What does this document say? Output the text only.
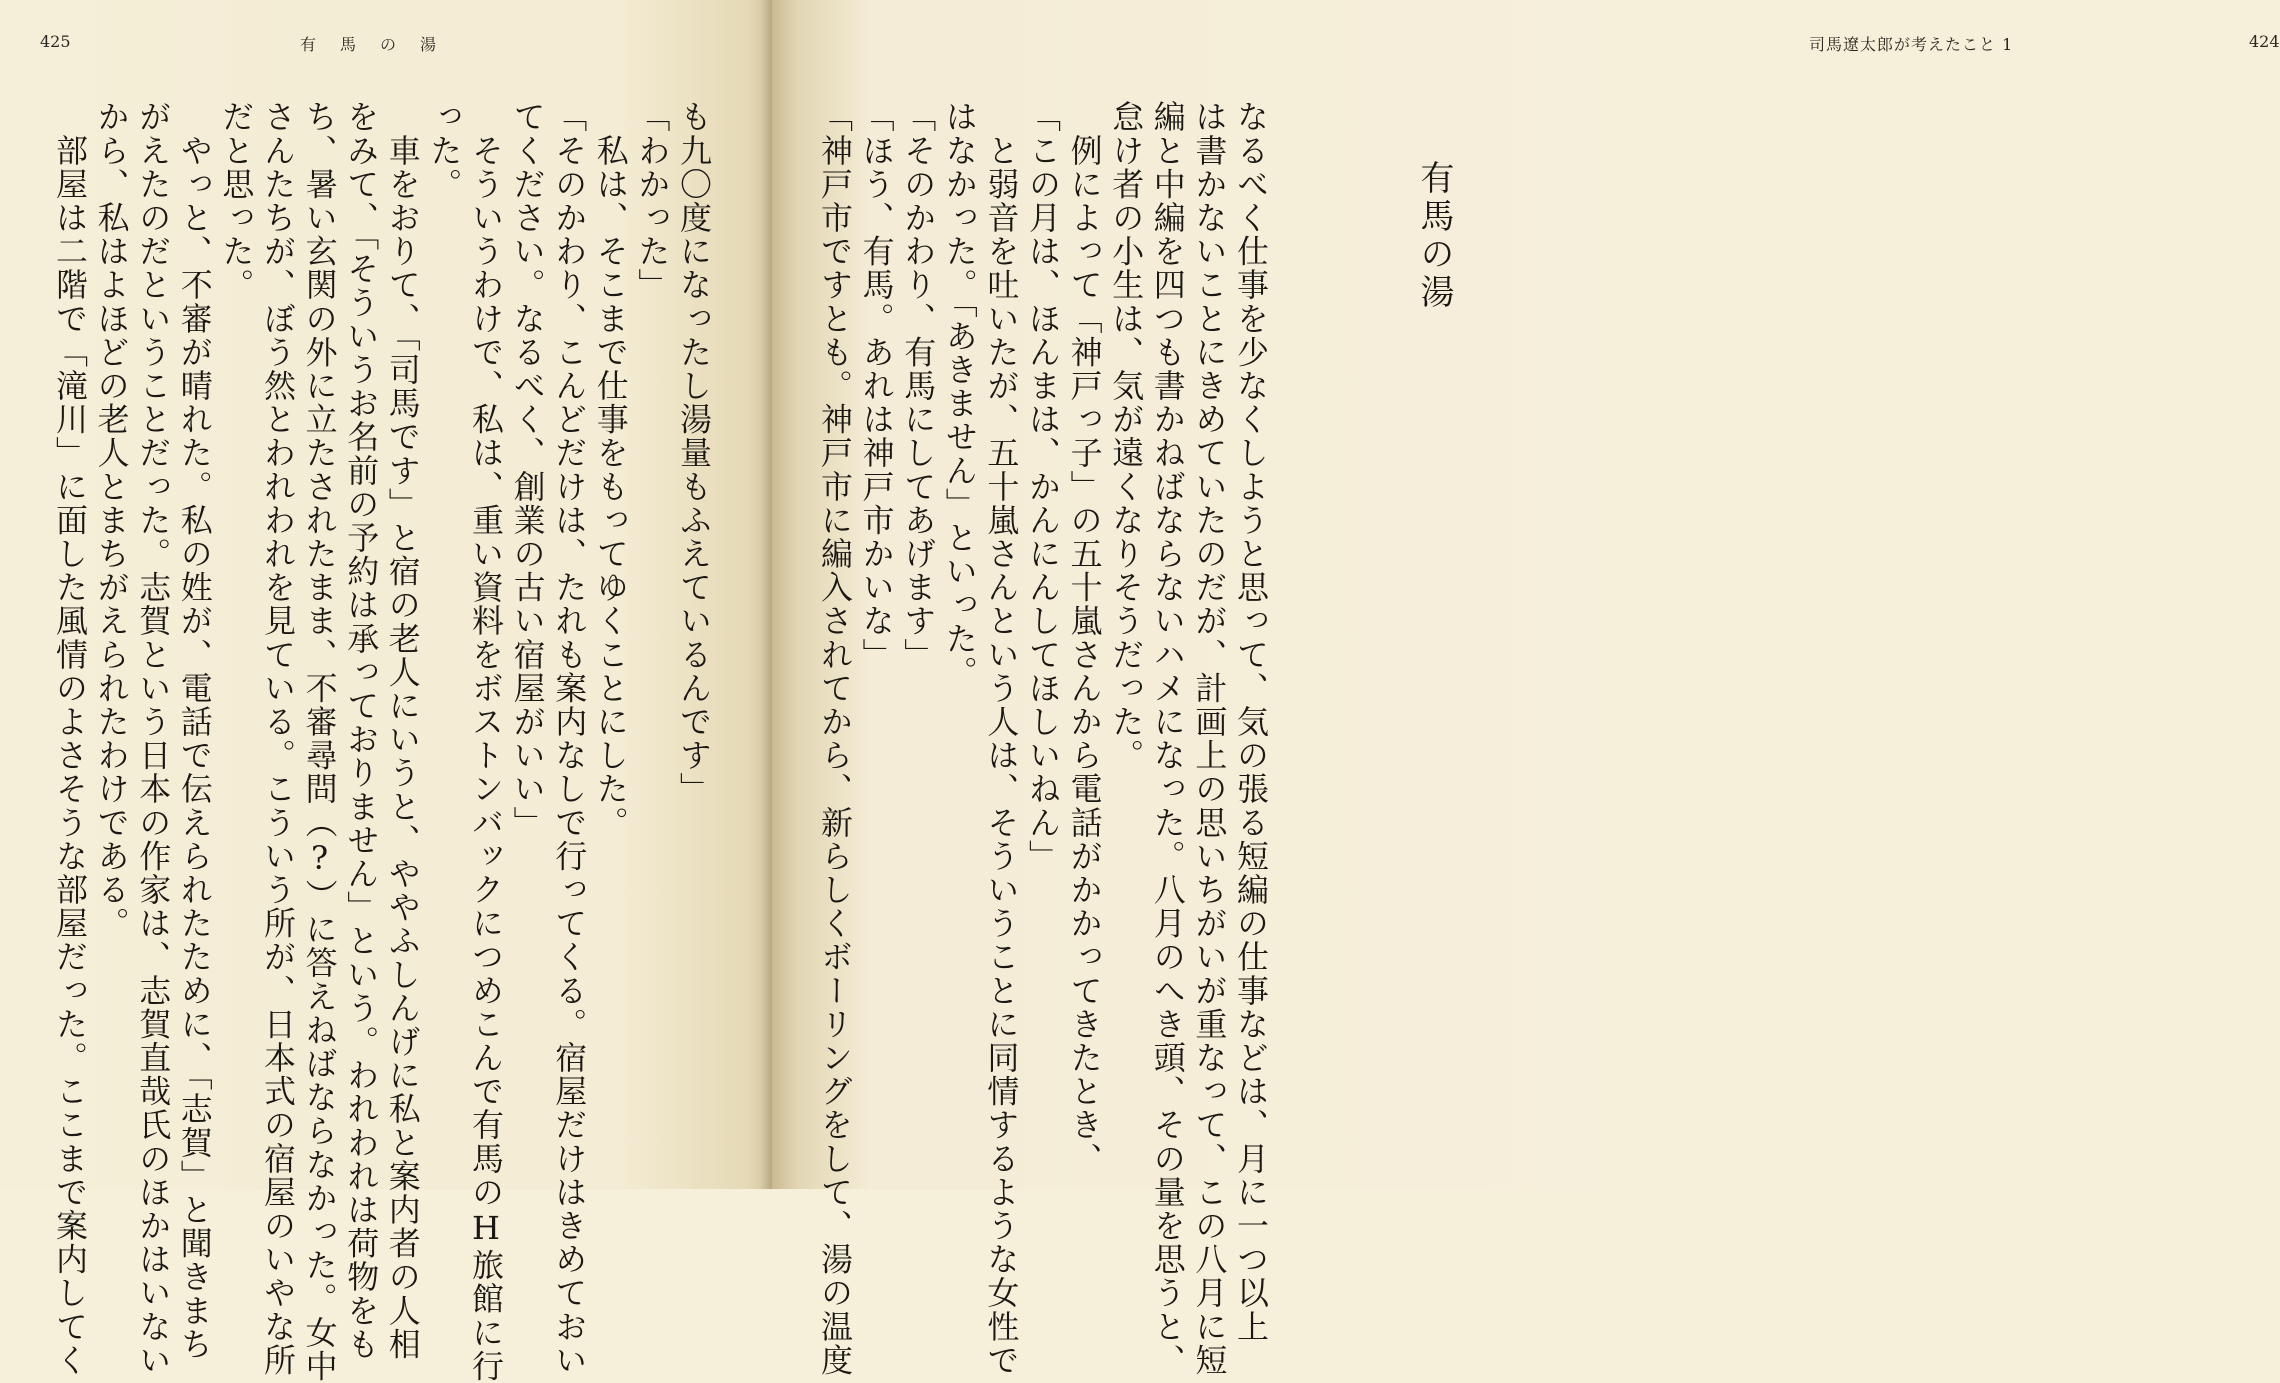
425	有馬の湯	424
司馬遼太郎が考えたこと 1
有馬の湯
なるべく仕事を少なくしようと思って、気の張る短編の仕事などは、月に一つ以上
は書かないことにきめていたのだが、計画上の思いちがいが重なって、この八月に短
編と中編を四つも書かねばならないハメになった。八月のへき頭、その量を思うと、
怠け者の小生は、気が遠くなりそうだった。
　例によって「神戸っ子」の五十嵐さんから電話がかかってきたとき、
「この月は、ほんまは、かんにんしてほしいねん」
　と弱音を吐いたが、五十嵐さんという人は、そういうことに同情するような女性で
はなかった。「あきません」といった。
「そのかわり、有馬にしてあげます」
「ほう、有馬。あれは神戸市かいな」
「神戸市ですとも。神戸市に編入されてから、新らしくボーリングをして、湯の温度
も九〇度になったし湯量もふえているんです」
「わかった」
　私は、そこまで仕事をもってゆくことにした。
「そのかわり、こんどだけは、たれも案内なしで行ってくる。宿屋だけはきめておい
てください。なるべく、創業の古い宿屋がいい」
　そういうわけで、私は、重い資料をボストンバックにつめこんで有馬のH旅館に行
った。
　車をおりて、「司馬です」と宿の老人にいうと、ややふしんげに私と案内者の人相
をみて、「そういうお名前の予約は承っておりません」という。われわれは荷物をも
ち、暑い玄関の外に立たされたまま、不審尋問（?）に答えねばならなかった。女中
さんたちが、ぼう然とわれわれを見ている。こういう所が、日本式の宿屋のいやな所
だと思った。
　やっと、不審が晴れた。私の姓が、電話で伝えられたために、「志賀」と聞きまち
がえたのだということだった。志賀という日本の作家は、志賀直哉氏のほかはいない
から、私はよほどの老人とまちがえられたわけである。
　部屋は二階で「滝川」に面した風情のよさそうな部屋だった。ここまで案内してく
